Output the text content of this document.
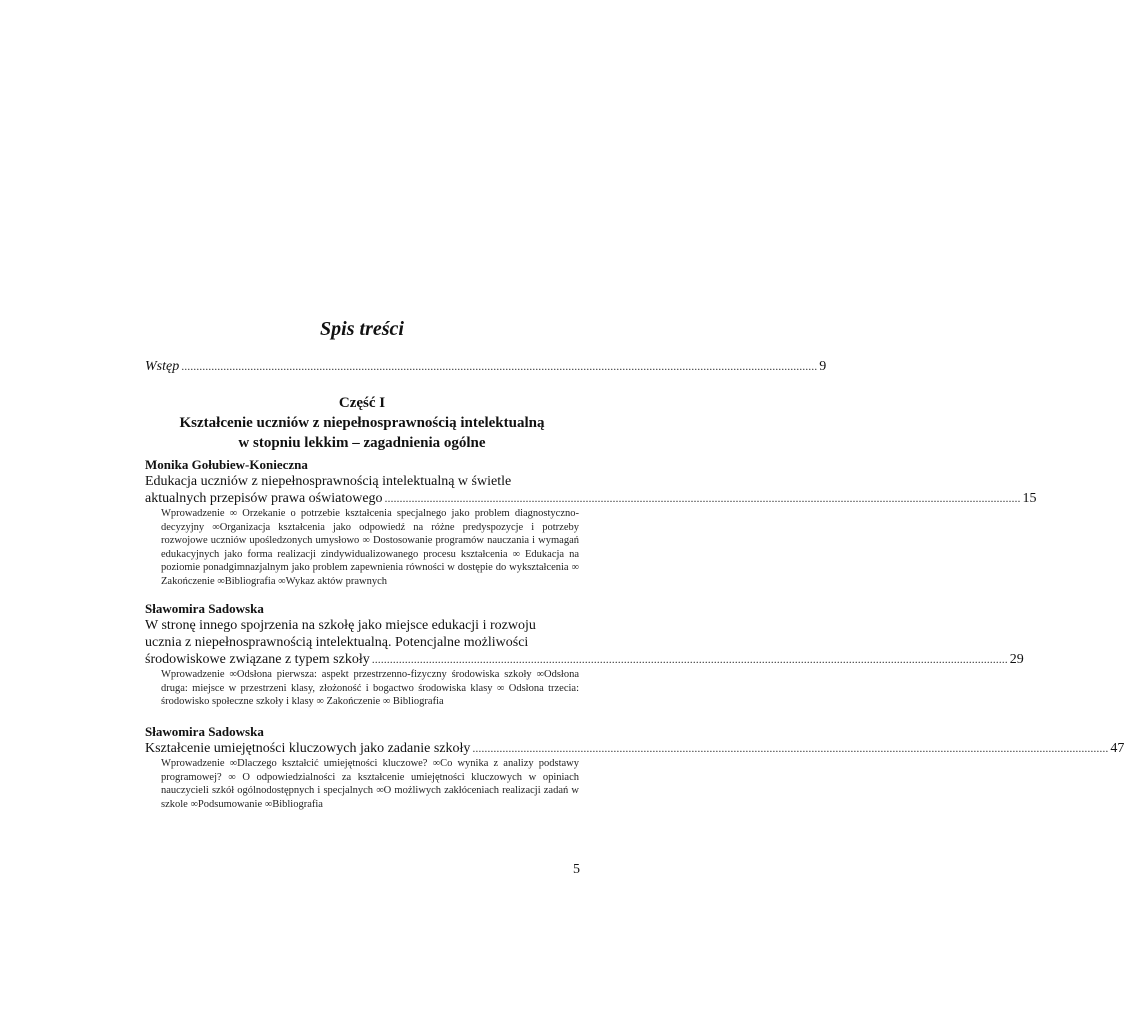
Spis treści
Wstęp .................................................................................................................................................................................................................... 9
Część I
Kształcenie uczniów z niepełnosprawnością intelektualną
w stopniu lekkim – zagadnienia ogólne
Monika Gołubiew-Konieczna
Edukacja uczniów z niepełnosprawnością intelektualną w świetle
aktualnych przepisów prawa oświatowego .................................................................................................................................................................................................................... 15
Wprowadzenie ∞ Orzekanie o potrzebie kształcenia specjalnego jako problem diagnostyczno-decyzyjny ∞Organizacja kształcenia jako odpowiedź na różne predyspozycje i potrzeby rozwojowe uczniów upośledzonych umysłowo ∞ Dostosowanie programów nauczania i wymagań edukacyjnych jako forma realizacji zindywidualizowanego procesu kształcenia ∞ Edukacja na poziomie ponadgimnazjalnym jako problem zapewnienia równości w dostępie do wykształcenia ∞ Zakończenie ∞Bibliografia ∞Wykaz aktów prawnych
Sławomira Sadowska
W stronę innego spojrzenia na szkołę jako miejsce edukacji i rozwoju
ucznia z niepełnosprawnością intelektualną. Potencjalne możliwości
środowiskowe związane z typem szkoły .................................................................................................................................................................................................................... 29
Wprowadzenie ∞Odsłona pierwsza: aspekt przestrzenno-fizyczny środowiska szkoły ∞Odsłona druga: miejsce w przestrzeni klasy, złożoność i bogactwo środowiska klasy ∞ Odsłona trzecia: środowisko społeczne szkoły i klasy ∞ Zakończenie ∞ Bibliografia
Sławomira Sadowska
Kształcenie umiejętności kluczowych jako zadanie szkoły .................................................................................................................................................................................................................... 47
Wprowadzenie ∞Dlaczego kształcić umiejętności kluczowe? ∞Co wynika z analizy podstawy programowej? ∞ O odpowiedzialności za kształcenie umiejętności kluczowych w opiniach nauczycieli szkół ogólnodostępnych i specjalnych ∞O możliwych zakłóceniach realizacji zadań w szkole ∞Podsumowanie ∞Bibliografia
5
